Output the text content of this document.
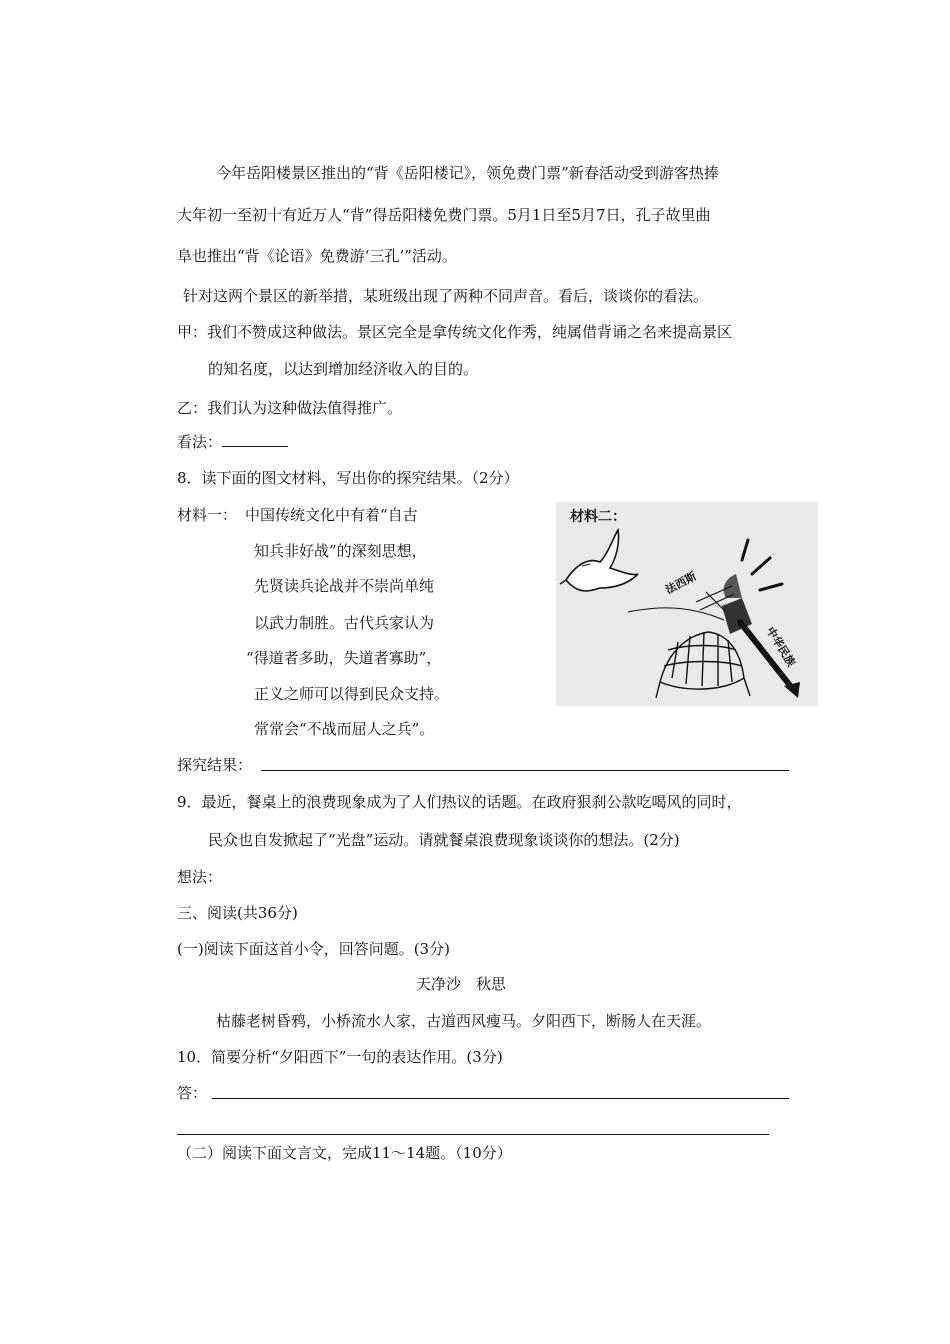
今年岳阳楼景区推出的“背《岳阳楼记》，领免费门票”新春活动受到游客热捧
大年初一至初十有近万人“背”得岳阳楼免费门票。5月1日至5月7日，孔子故里曲
阜也推出“背《论语》免费游‘三孔’”活动。
针对这两个景区的新举措，某班级出现了两种不同声音。看后，谈谈你的看法。
甲：我们不赞成这种做法。景区完全是拿传统文化作秀，纯属借背诵之名来提高景区
的知名度，以达到增加经济收入的目的。
乙：我们认为这种做法值得推广。
看法：
8．读下面的图文材料，写出你的探究结果。（2分）
材料一： 中国传统文化中有着“自古
知兵非好战”的深刻思想，
先贤读兵论战并不崇尚单纯
以武力制胜。古代兵家认为
“得道者多助，失道者寡助”，
正义之师可以得到民众支持。
常常会“不战而屈人之兵”。
材料二：
法西斯
中华民族
探究结果：
9．最近，餐桌上的浪费现象成为了人们热议的话题。在政府狠刹公款吃喝风的同时，
民众也自发掀起了“光盘”运动。请就餐桌浪费现象谈谈你的想法。(2分)
想法：
三、阅读(共36分)
(一)阅读下面这首小令，回答问题。(3分)
天净沙　秋思
枯藤老树昏鸦，小桥流水人家，古道西风瘦马。夕阳西下，断肠人在天涯。
10．简要分析“夕阳西下”一句的表达作用。(3分)
答：
（二）阅读下面文言文，完成11～14题。（10分）
